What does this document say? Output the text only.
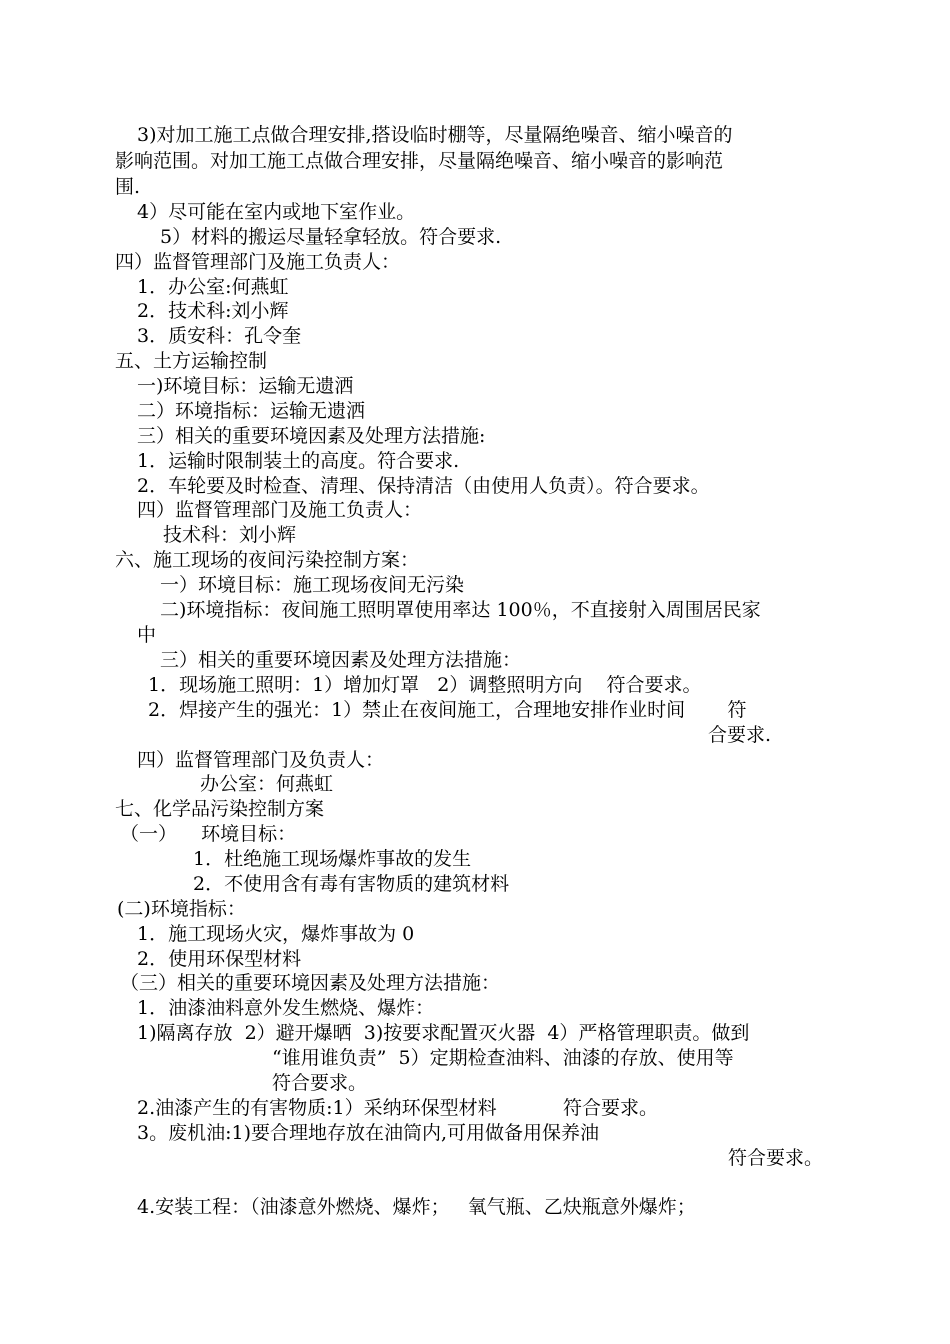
3)对加工施工点做合理安排,搭设临时棚等，尽量隔绝噪音、缩小噪音的
影响范围。对加工施工点做合理安排，尽量隔绝噪音、缩小噪音的影响范
围.
4）尽可能在室内或地下室作业。
5）材料的搬运尽量轻拿轻放。符合要求.
四）监督管理部门及施工负责人：
1．办公室:何燕虹
2．技术科:刘小辉
3．质安科：孔令奎
五、土方运输控制
一)环境目标：运输无遗洒
二）环境指标：运输无遗洒
三）相关的重要环境因素及处理方法措施:
1．运输时限制装土的高度。符合要求.
2．车轮要及时检查、清理、保持清洁（由使用人负责）。符合要求。
四）监督管理部门及施工负责人：
技术科：刘小辉
六、施工现场的夜间污染控制方案：
一）环境目标：施工现场夜间无污染
二)环境指标：夜间施工照明罩使用率达 100％，不直接射入周围居民家
中
三）相关的重要环境因素及处理方法措施：
1．现场施工照明：1）增加灯罩   2）调整照明方向    符合要求。
2．焊接产生的强光：1）禁止在夜间施工，合理地安排作业时间       符
合要求.
四）监督管理部门及负责人：
办公室：何燕虹
七、化学品污染控制方案
（一）    环境目标：
1．杜绝施工现场爆炸事故的发生
2．不使用含有毒有害物质的建筑材料
(二)环境指标：
1．施工现场火灾，爆炸事故为 0
2．使用环保型材料
（三）相关的重要环境因素及处理方法措施：
1．油漆油料意外发生燃烧、爆炸：
1)隔离存放  2）避开爆晒  3)按要求配置灭火器  4）严格管理职责。做到
“谁用谁负责”  5）定期检查油料、油漆的存放、使用等
符合要求。
2.油漆产生的有害物质:1）采纳环保型材料           符合要求。
3。废机油:1)要合理地存放在油筒内,可用做备用保养油
符合要求。
4.安装工程：（油漆意外燃烧、爆炸；   氧气瓶、乙炔瓶意外爆炸；
